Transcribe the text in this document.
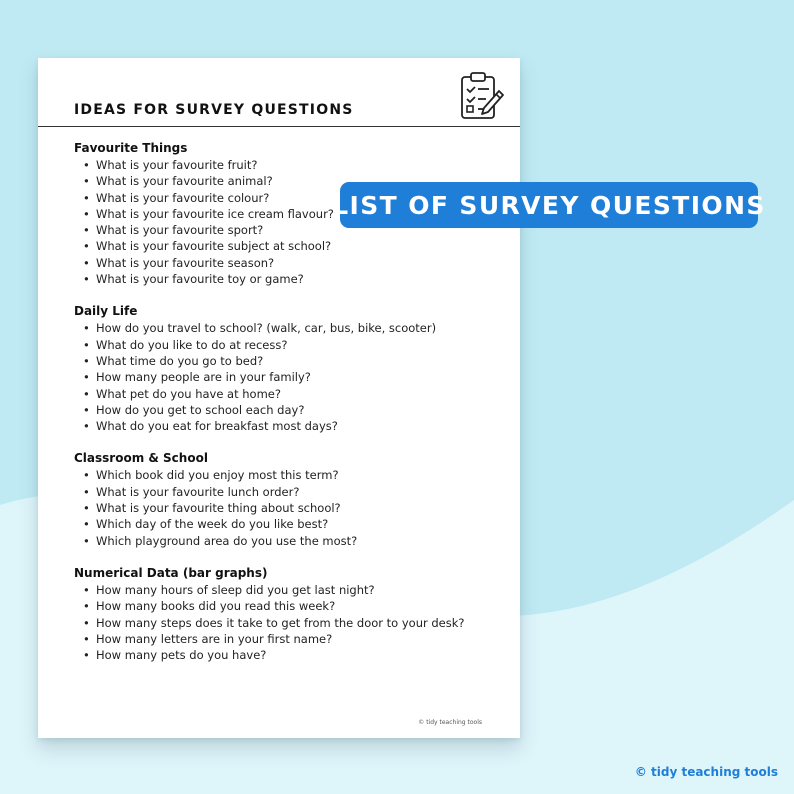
IDEAS FOR SURVEY QUESTIONS
Favourite Things
• What is your favourite fruit?
• What is your favourite animal?
• What is your favourite colour?
• What is your favourite ice cream flavour?
• What is your favourite sport?
• What is your favourite subject at school?
• What is your favourite season?
• What is your favourite toy or game?
Daily Life
• How do you travel to school? (walk, car, bus, bike, scooter)
• What do you like to do at recess?
• What time do you go to bed?
• How many people are in your family?
• What pet do you have at home?
• How do you get to school each day?
• What do you eat for breakfast most days?
Classroom & School
• Which book did you enjoy most this term?
• What is your favourite lunch order?
• What is your favourite thing about school?
• Which day of the week do you like best?
• Which playground area do you use the most?
Numerical Data (bar graphs)
• How many hours of sleep did you get last night?
• How many books did you read this week?
• How many steps does it take to get from the door to your desk?
• How many letters are in your first name?
• How many pets do you have?
© tidy teaching tools
LIST OF SURVEY QUESTIONS
© tidy teaching tools
